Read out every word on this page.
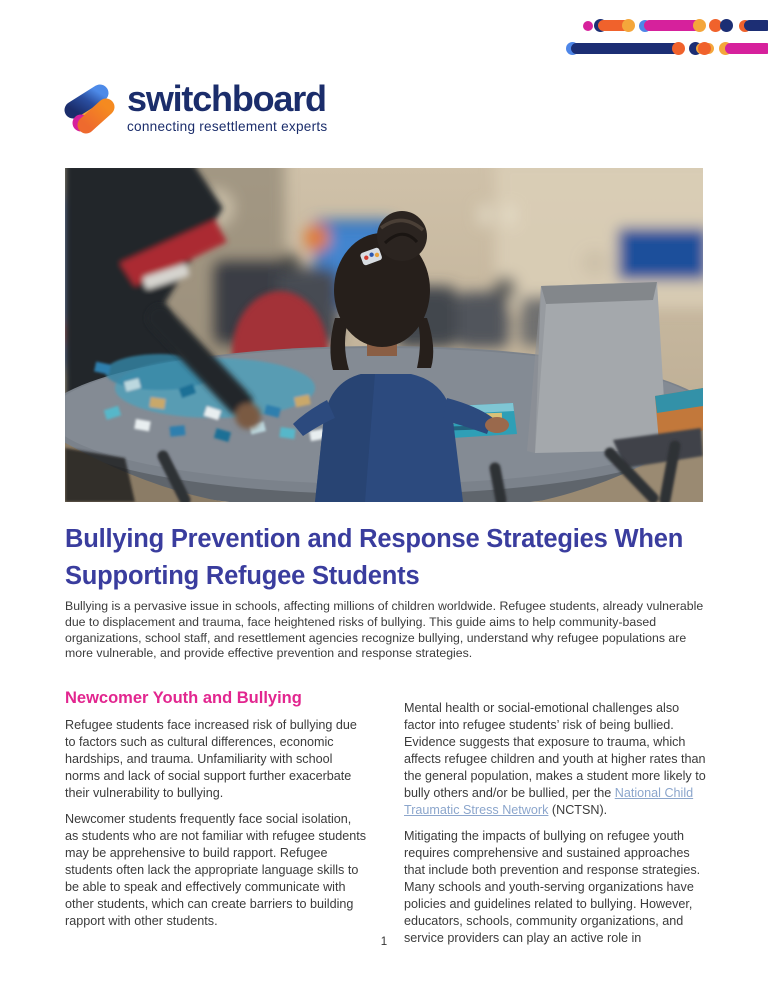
switchboard
connecting resettlement experts
Bullying Prevention and Response Strategies When Supporting Refugee Students
Bullying is a pervasive issue in schools, affecting millions of children worldwide. Refugee students, already vulnerable due to displacement and trauma, face heightened risks of bullying. This guide aims to help community-based organizations, school staff, and resettlement agencies recognize bullying, understand why refugee populations are more vulnerable, and provide effective prevention and response strategies.
Newcomer Youth and Bullying

Refugee students face increased risk of bullying due to factors such as cultural differences, economic hardships, and trauma. Unfamiliarity with school norms and lack of social support further exacerbate their vulnerability to bullying.

Newcomer students frequently face social isolation, as students who are not familiar with refugee students may be apprehensive to build rapport. Refugee students often lack the appropriate language skills to be able to speak and effectively communicate with other students, which can create barriers to building rapport with other students.

Mental health or social-emotional challenges also factor into refugee students’ risk of being bullied. Evidence suggests that exposure to trauma, which affects refugee children and youth at higher rates than the general population, makes a student more likely to bully others and/or be bullied, per the National Child Traumatic Stress Network (NCTSN).

Mitigating the impacts of bullying on refugee youth requires comprehensive and sustained approaches that include both prevention and response strategies. Many schools and youth-serving organizations have policies and guidelines related to bullying. However, educators, schools, community organizations, and service providers can play an active role in

1
